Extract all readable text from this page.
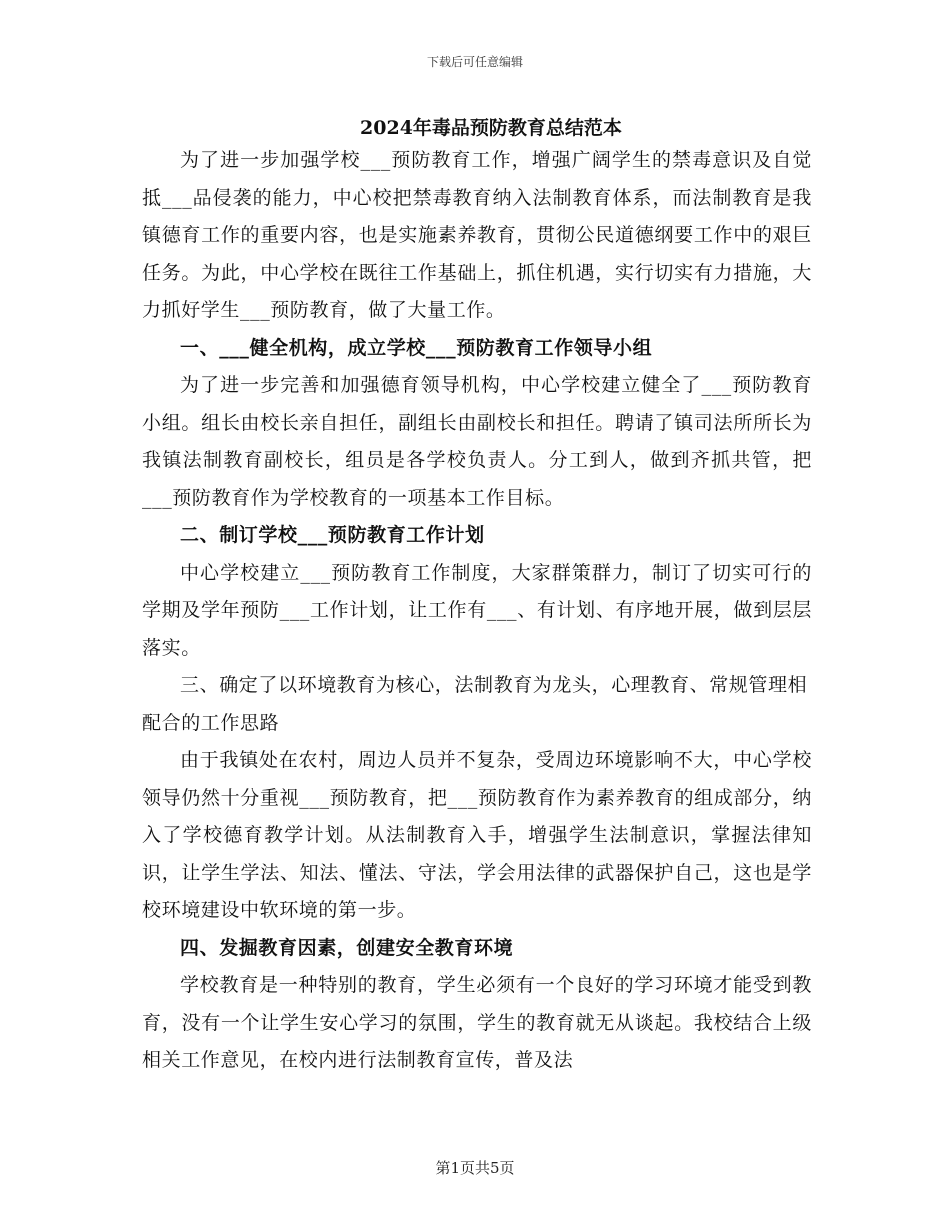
下载后可任意编辑
2024年毒品预防教育总结范本

为了进一步加强学校___预防教育工作，增强广阔学生的禁毒意识及自觉抵___品侵袭的能力，中心校把禁毒教育纳入法制教育体系，而法制教育是我镇德育工作的重要内容，也是实施素养教育，贯彻公民道德纲要工作中的艰巨任务。为此，中心学校在既往工作基础上，抓住机遇，实行切实有力措施，大力抓好学生___预防教育，做了大量工作。

一、___健全机构，成立学校___预防教育工作领导小组

为了进一步完善和加强德育领导机构，中心学校建立健全了___预防教育小组。组长由校长亲自担任，副组长由副校长和担任。聘请了镇司法所所长为我镇法制教育副校长，组员是各学校负责人。分工到人，做到齐抓共管，把___预防教育作为学校教育的一项基本工作目标。

二、制订学校___预防教育工作计划

中心学校建立___预防教育工作制度，大家群策群力，制订了切实可行的学期及学年预防___工作计划，让工作有___、有计划、有序地开展，做到层层落实。

三、确定了以环境教育为核心，法制教育为龙头，心理教育、常规管理相配合的工作思路

由于我镇处在农村，周边人员并不复杂，受周边环境影响不大，中心学校领导仍然十分重视___预防教育，把___预防教育作为素养教育的组成部分，纳入了学校德育教学计划。从法制教育入手，增强学生法制意识，掌握法律知识，让学生学法、知法、懂法、守法，学会用法律的武器保护自己，这也是学校环境建设中软环境的第一步。

四、发掘教育因素，创建安全教育环境

学校教育是一种特别的教育，学生必须有一个良好的学习环境才能受到教育，没有一个让学生安心学习的氛围，学生的教育就无从谈起。我校结合上级相关工作意见，在校内进行法制教育宣传，普及法

第1页共5页
